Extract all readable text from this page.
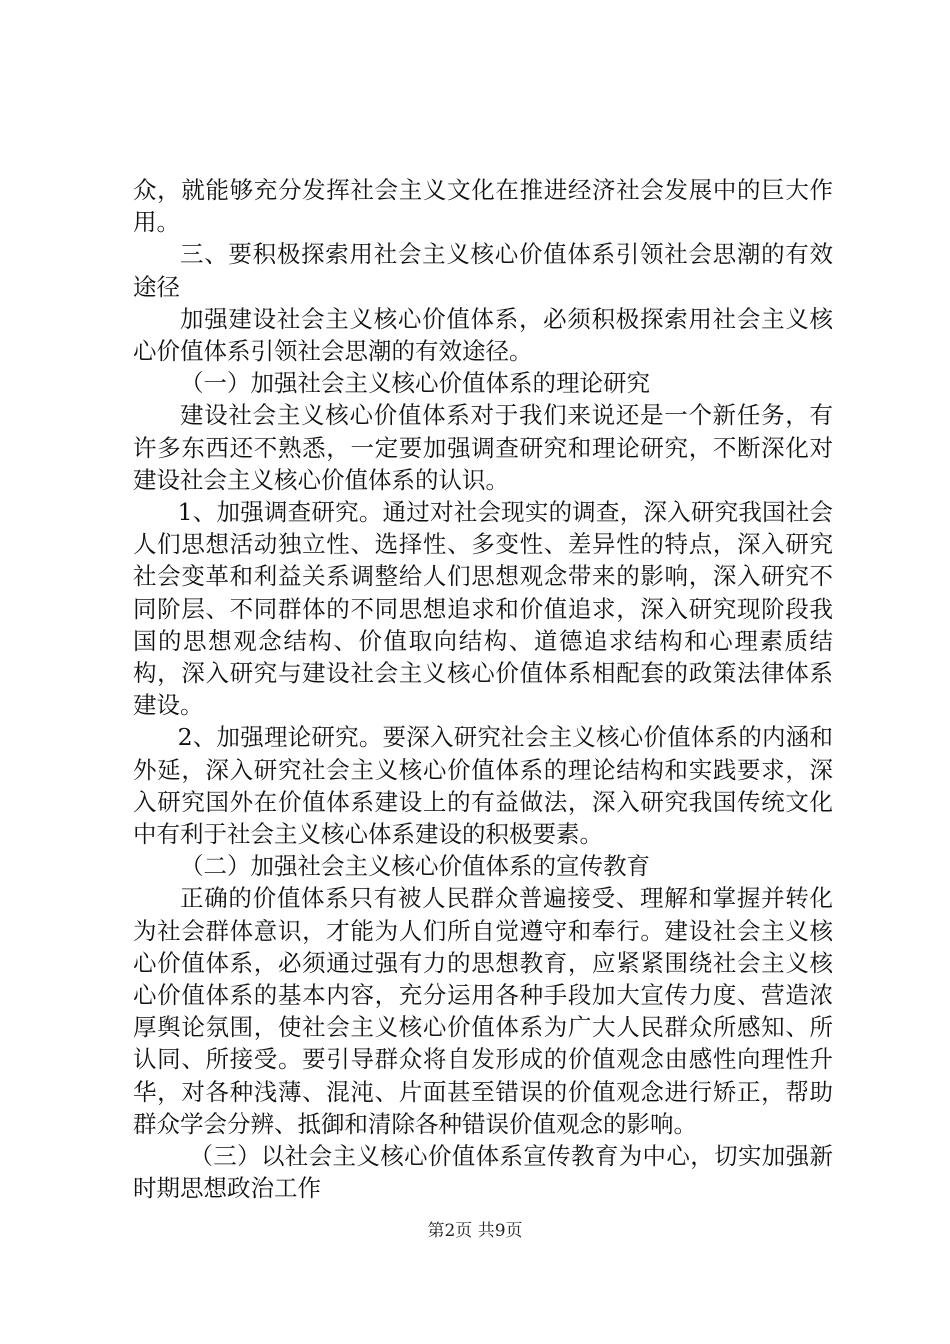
众，就能够充分发挥社会主义文化在推进经济社会发展中的巨大作用。

三、要积极探索用社会主义核心价值体系引领社会思潮的有效途径

加强建设社会主义核心价值体系，必须积极探索用社会主义核心价值体系引领社会思潮的有效途径。

（一）加强社会主义核心价值体系的理论研究

建设社会主义核心价值体系对于我们来说还是一个新任务，有许多东西还不熟悉，一定要加强调查研究和理论研究，不断深化对建设社会主义核心价值体系的认识。

1、加强调查研究。通过对社会现实的调查，深入研究我国社会人们思想活动独立性、选择性、多变性、差异性的特点，深入研究社会变革和利益关系调整给人们思想观念带来的影响，深入研究不同阶层、不同群体的不同思想追求和价值追求，深入研究现阶段我国的思想观念结构、价值取向结构、道德追求结构和心理素质结构，深入研究与建设社会主义核心价值体系相配套的政策法律体系建设。

2、加强理论研究。要深入研究社会主义核心价值体系的内涵和外延，深入研究社会主义核心价值体系的理论结构和实践要求，深入研究国外在价值体系建设上的有益做法，深入研究我国传统文化中有利于社会主义核心体系建设的积极要素。

（二）加强社会主义核心价值体系的宣传教育

正确的价值体系只有被人民群众普遍接受、理解和掌握并转化为社会群体意识，才能为人们所自觉遵守和奉行。建设社会主义核心价值体系，必须通过强有力的思想教育，应紧紧围绕社会主义核心价值体系的基本内容，充分运用各种手段加大宣传力度、营造浓厚舆论氛围，使社会主义核心价值体系为广大人民群众所感知、所认同、所接受。要引导群众将自发形成的价值观念由感性向理性升华，对各种浅薄、混沌、片面甚至错误的价值观念进行矫正，帮助群众学会分辨、抵御和清除各种错误价值观念的影响。

（三）以社会主义核心价值体系宣传教育为中心，切实加强新时期思想政治工作

第2页 共9页
